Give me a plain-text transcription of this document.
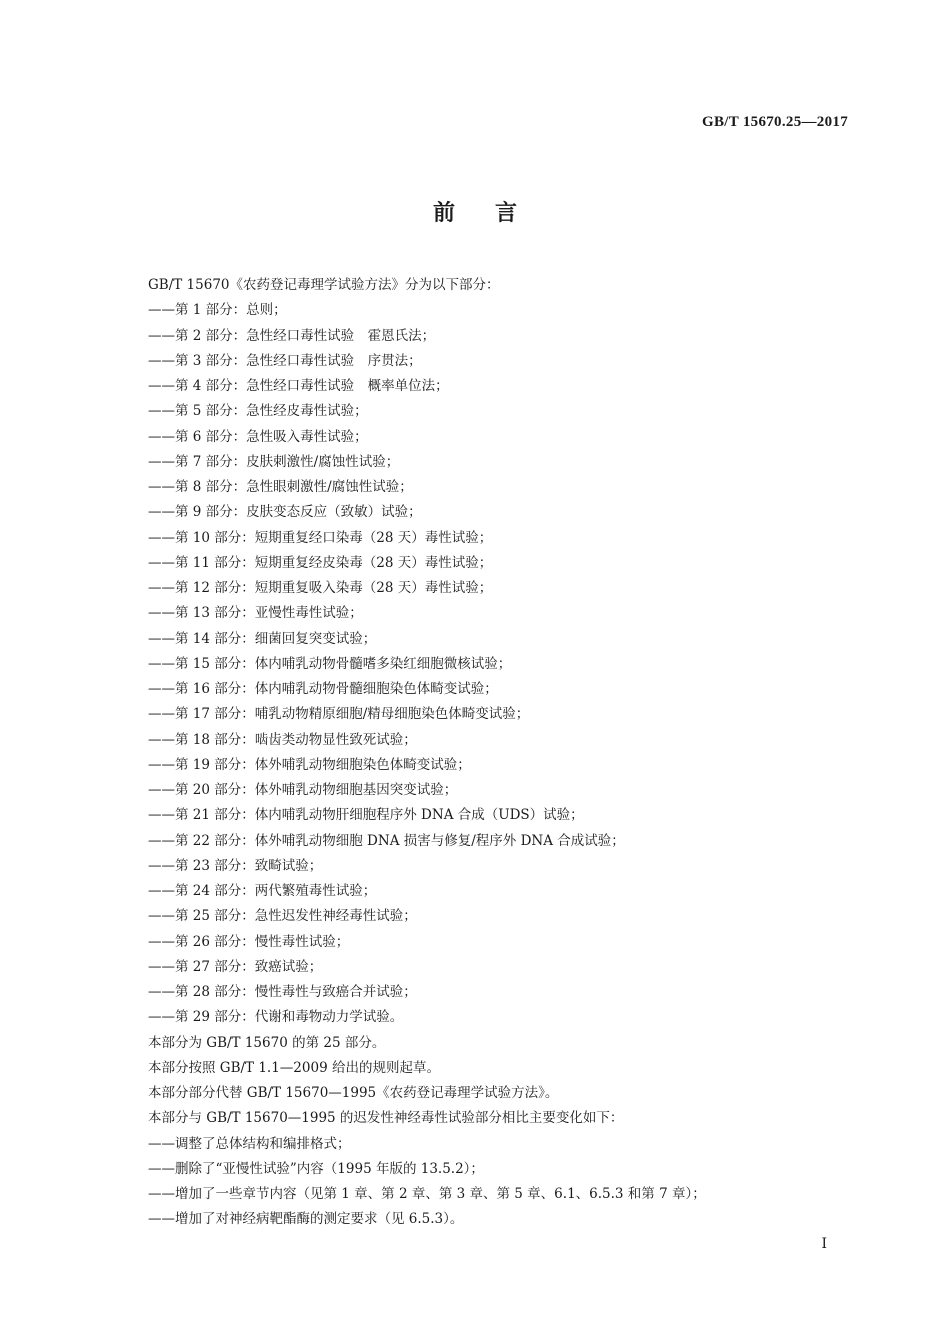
GB/T 15670.25—2017
前言
GB/T 15670《农药登记毒理学试验方法》分为以下部分：
——第 1 部分：总则；
——第 2 部分：急性经口毒性试验　霍恩氏法；
——第 3 部分：急性经口毒性试验　序贯法；
——第 4 部分：急性经口毒性试验　概率单位法；
——第 5 部分：急性经皮毒性试验；
——第 6 部分：急性吸入毒性试验；
——第 7 部分：皮肤刺激性/腐蚀性试验；
——第 8 部分：急性眼刺激性/腐蚀性试验；
——第 9 部分：皮肤变态反应（致敏）试验；
——第 10 部分：短期重复经口染毒（28 天）毒性试验；
——第 11 部分：短期重复经皮染毒（28 天）毒性试验；
——第 12 部分：短期重复吸入染毒（28 天）毒性试验；
——第 13 部分：亚慢性毒性试验；
——第 14 部分：细菌回复突变试验；
——第 15 部分：体内哺乳动物骨髓嗜多染红细胞微核试验；
——第 16 部分：体内哺乳动物骨髓细胞染色体畸变试验；
——第 17 部分：哺乳动物精原细胞/精母细胞染色体畸变试验；
——第 18 部分：啮齿类动物显性致死试验；
——第 19 部分：体外哺乳动物细胞染色体畸变试验；
——第 20 部分：体外哺乳动物细胞基因突变试验；
——第 21 部分：体内哺乳动物肝细胞程序外 DNA 合成（UDS）试验；
——第 22 部分：体外哺乳动物细胞 DNA 损害与修复/程序外 DNA 合成试验；
——第 23 部分：致畸试验；
——第 24 部分：两代繁殖毒性试验；
——第 25 部分：急性迟发性神经毒性试验；
——第 26 部分：慢性毒性试验；
——第 27 部分：致癌试验；
——第 28 部分：慢性毒性与致癌合并试验；
——第 29 部分：代谢和毒物动力学试验。
本部分为 GB/T 15670 的第 25 部分。
本部分按照 GB/T 1.1—2009 给出的规则起草。
本部分部分代替 GB/T 15670—1995《农药登记毒理学试验方法》。
本部分与 GB/T 15670—1995 的迟发性神经毒性试验部分相比主要变化如下：
——调整了总体结构和编排格式；
——删除了“亚慢性试验”内容（1995 年版的 13.5.2）；
——增加了一些章节内容（见第 1 章、第 2 章、第 3 章、第 5 章、6.1、6.5.3 和第 7 章）；
——增加了对神经病靶酯酶的测定要求（见 6.5.3）。
Ⅰ
